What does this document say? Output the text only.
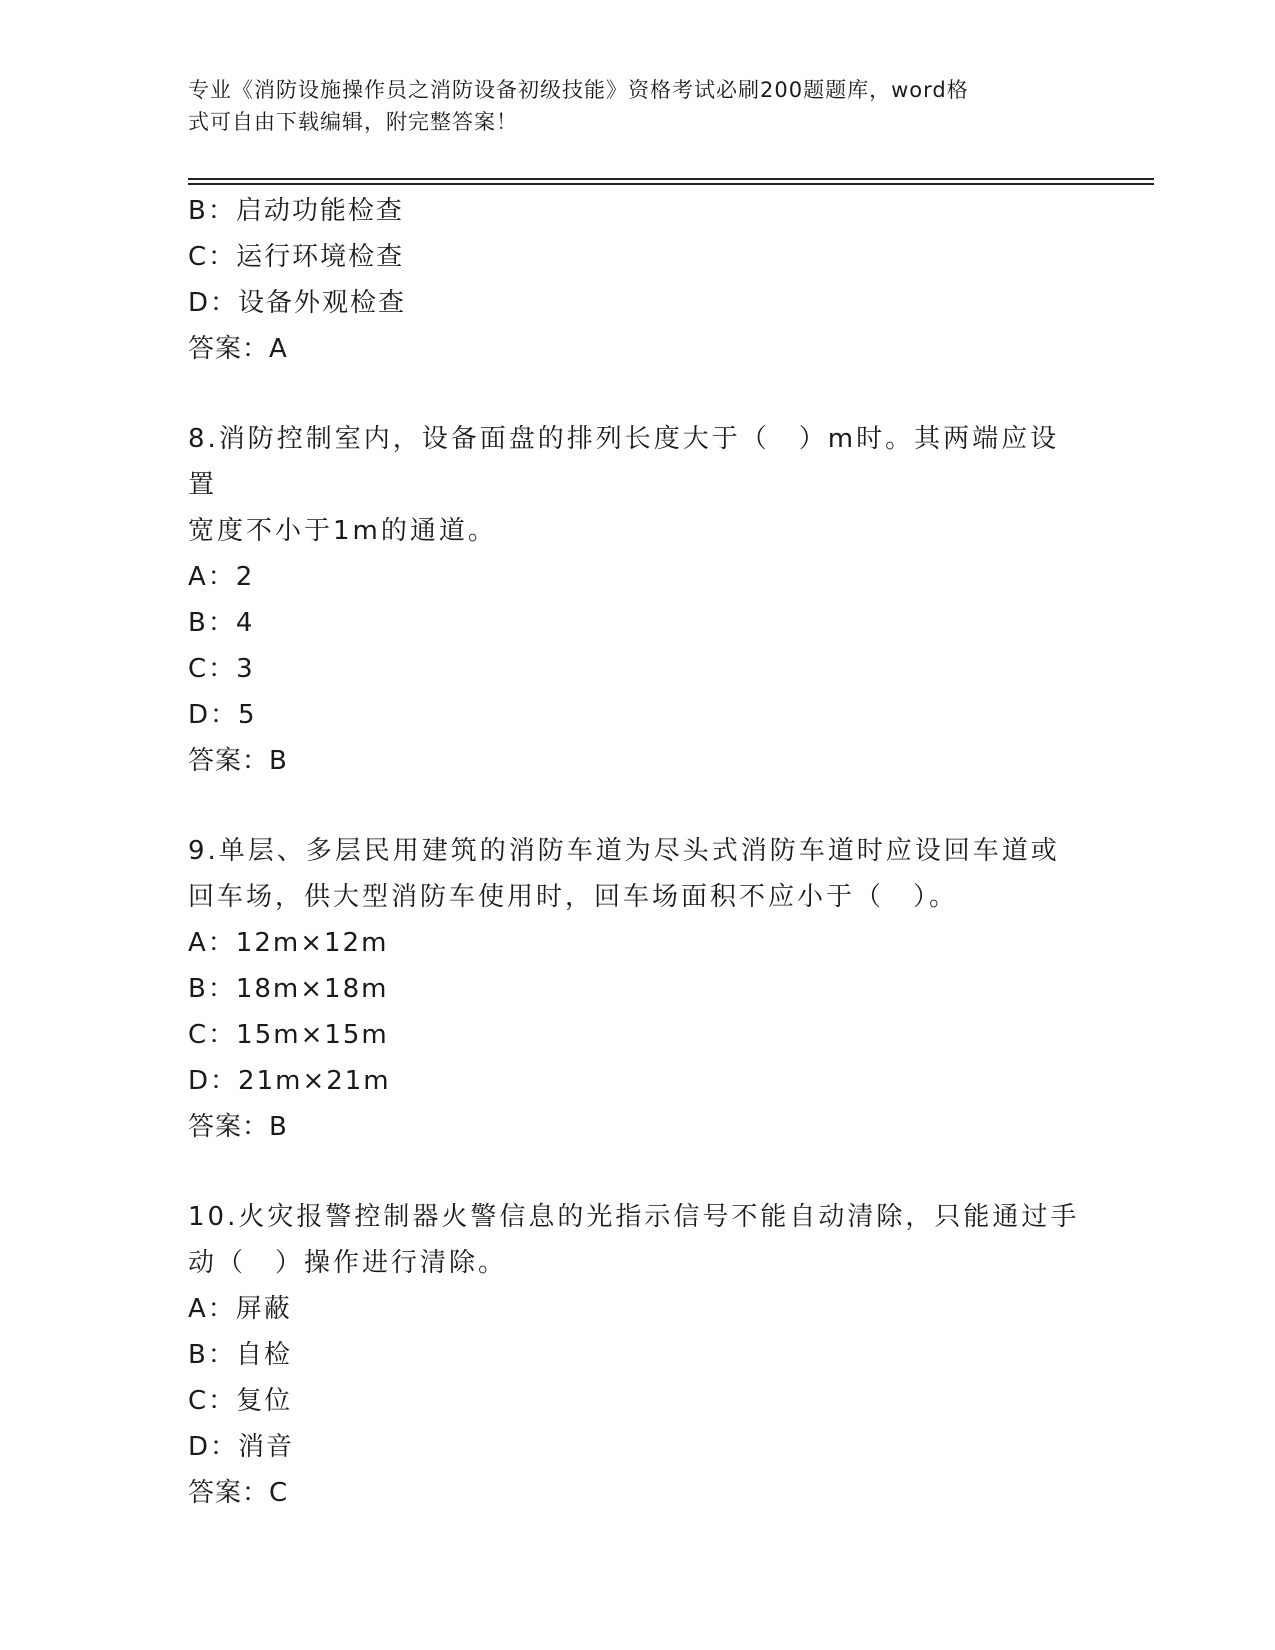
专业《消防设施操作员之消防设备初级技能》资格考试必刷200题题库，word格
式可自由下载编辑，附完整答案！
B：启动功能检查
C：运行环境检查
D：设备外观检查
答案：A
8.消防控制室内，设备面盘的排列长度大于（　）m时。其两端应设置
宽度不小于1m的通道。
A：2
B：4
C：3
D：5
答案：B
9.单层、多层民用建筑的消防车道为尽头式消防车道时应设回车道或
回车场，供大型消防车使用时，回车场面积不应小于（　）。
A：12m×12m
B：18m×18m
C：15m×15m
D：21m×21m
答案：B
10.火灾报警控制器火警信息的光指示信号不能自动清除，只能通过手
动（　）操作进行清除。
A：屏蔽
B：自检
C：复位
D：消音
答案：C
